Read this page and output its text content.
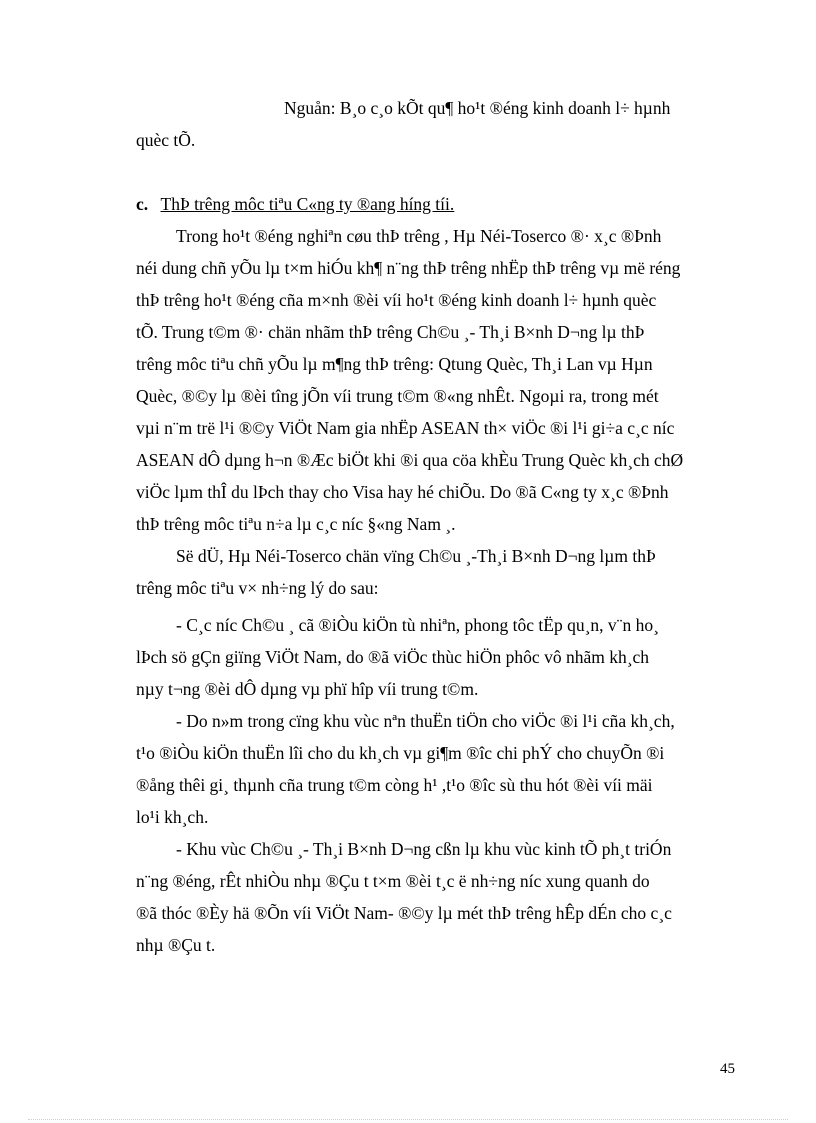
Nguån: B¸o c¸o kÕt qu¶ ho¹t ®éng kinh doanh l÷ hµnh
quèc tÕ.
c. ThÞ trêng môc tiªu C«ng ty ®ang híng tíi.
Trong ho¹t ®éng nghiªn cøu thÞ trêng , Hµ Néi-Toserco ®· x¸c ®Þnh
néi dung chñ yÕu lµ t×m hiÓu kh¶ n¨ng thÞ trêng nhËp thÞ trêng vµ më réng
thÞ trêng ho¹t ®éng cña m×nh ®èi víi ho¹t ®éng kinh doanh l÷ hµnh quèc
tÕ. Trung t©m ®· chän nhãm thÞ trêng Ch©u ¸- Th¸i B×nh D¬ng lµ thÞ
trêng môc tiªu chñ yÕu lµ m¶ng thÞ trêng: Qtung Quèc, Th¸i Lan vµ Hµn
Quèc, ®©y lµ ®èi tîng jÕn víi trung t©m ®«ng nhÊt. Ngoµi ra, trong mét
vµi n¨m trë l¹i ®©y ViÖt Nam gia nhËp ASEAN th× viÖc ®i l¹i gi÷a c¸c níc
ASEAN dÔ dµng h¬n ®Æc biÖt khi ®i qua cöa khÈu Trung Quèc kh¸ch chØ
viÖc lµm thÎ du lÞch thay cho Visa hay hé chiÕu. Do ®ã C«ng ty x¸c ®Þnh
thÞ trêng môc tiªu n÷a lµ c¸c níc §«ng Nam ¸.
Së dÜ, Hµ Néi-Toserco chän vïng Ch©u ¸-Th¸i B×nh D¬ng lµm thÞ
trêng môc tiªu v× nh÷ng lý do sau:
- C¸c níc Ch©u ¸ cã ®iÒu kiÖn tù nhiªn, phong tôc tËp qu¸n, v¨n ho¸
lÞch sö gÇn giïng ViÖt Nam, do ®ã viÖc thùc hiÖn phôc vô nhãm kh¸ch
nµy t¬ng ®èi dÔ dµng vµ phï hîp víi trung t©m.
- Do n»m trong cïng khu vùc nªn thuËn tiÖn cho viÖc ®i l¹i cña kh¸ch,
t¹o ®iÒu kiÖn thuËn lîi cho du kh¸ch vµ gi¶m ®îc chi phÝ cho chuyÕn ®i
®ång thêi gi¸ thµnh cña trung t©m còng h¹ ,t¹o ®îc sù thu hót ®èi víi mäi
lo¹i kh¸ch.
- Khu vùc Ch©u ¸- Th¸i B×nh D¬ng cßn lµ khu vùc kinh tÕ ph¸t triÓn
n¨ng ®éng, rÊt nhiÒu nhµ ®Çu t t×m ®èi t¸c ë nh÷ng níc xung quanh do
®ã thóc ®Èy hä ®Õn víi ViÖt Nam- ®©y lµ mét thÞ trêng hÊp dÉn cho c¸c
nhµ ®Çu t.
45
